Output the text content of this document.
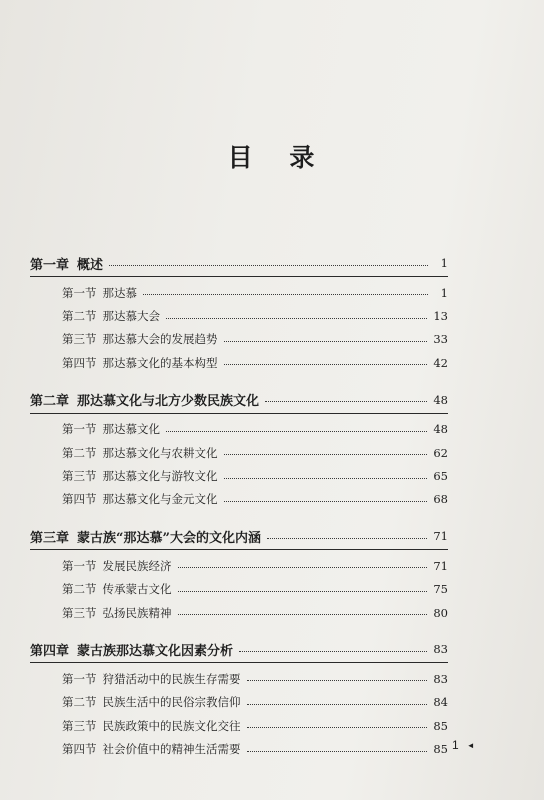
目 录
第一章 概述	1
第一节 那达慕	1
第二节 那达慕大会	13
第三节 那达慕大会的发展趋势	33
第四节 那达慕文化的基本构型	42
第二章 那达慕文化与北方少数民族文化	48
第一节 那达慕文化	48
第二节 那达慕文化与农耕文化	62
第三节 那达慕文化与游牧文化	65
第四节 那达慕文化与金元文化	68
第三章 蒙古族“那达慕”大会的文化内涵	71
第一节 发展民族经济	71
第二节 传承蒙古文化	75
第三节 弘扬民族精神	80
第四章 蒙古族那达慕文化因素分析	83
第一节 狩猎活动中的民族生存需要	83
第二节 民族生活中的民俗宗教信仰	84
第三节 民族政策中的民族文化交往	85
第四节 社会价值中的精神生活需要	85 1 ◄
